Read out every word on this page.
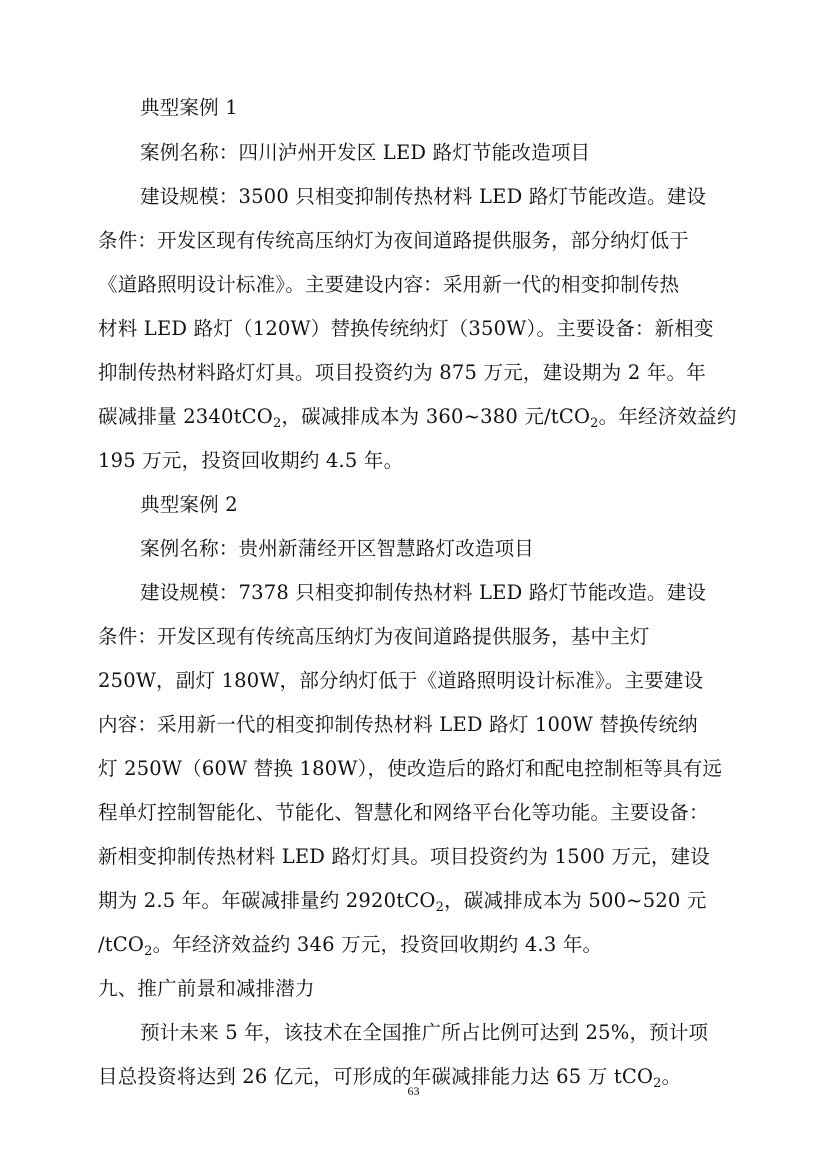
典型案例 1
案例名称：四川泸州开发区 LED 路灯节能改造项目
建设规模：3500 只相变抑制传热材料 LED 路灯节能改造。建设
条件：开发区现有传统高压纳灯为夜间道路提供服务，部分纳灯低于
《道路照明设计标准》。主要建设内容：采用新一代的相变抑制传热
材料 LED 路灯（120W）替换传统纳灯（350W）。主要设备：新相变
抑制传热材料路灯灯具。项目投资约为 875 万元，建设期为 2 年。年
碳减排量 2340tCO$_2$，碳减排成本为 360~380 元/tCO$_2$。年经济效益约
195 万元，投资回收期约 4.5 年。
典型案例 2
案例名称：贵州新蒲经开区智慧路灯改造项目
建设规模：7378 只相变抑制传热材料 LED 路灯节能改造。建设
条件：开发区现有传统高压纳灯为夜间道路提供服务，基中主灯
250W，副灯 180W，部分纳灯低于《道路照明设计标准》。主要建设
内容：采用新一代的相变抑制传热材料 LED 路灯 100W 替换传统纳
灯 250W（60W 替换 180W），使改造后的路灯和配电控制柜等具有远
程单灯控制智能化、节能化、智慧化和网络平台化等功能。主要设备：
新相变抑制传热材料 LED 路灯灯具。项目投资约为 1500 万元，建设
期为 2.5 年。年碳减排量约 2920tCO$_2$，碳减排成本为 500~520 元
/tCO$_2$。年经济效益约 346 万元，投资回收期约 4.3 年。
九、推广前景和减排潜力
预计未来 5 年，该技术在全国推广所占比例可达到 25%，预计项
目总投资将达到 26 亿元，可形成的年碳减排能力达 65 万 tCO$_2$。
63
